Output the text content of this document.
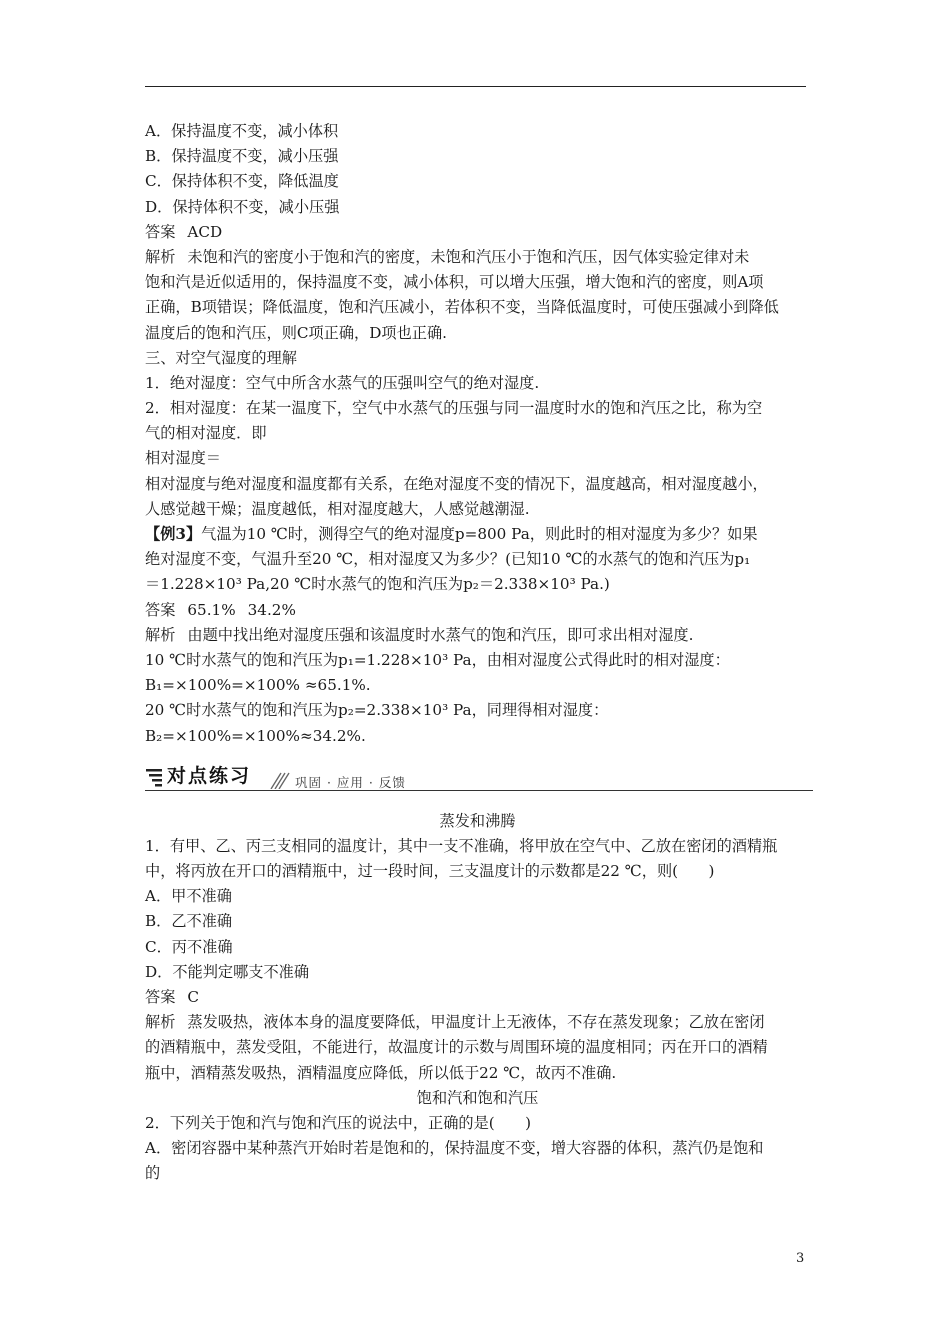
A．保持温度不变，减小体积
B．保持温度不变，减小压强
C．保持体积不变，降低温度
D．保持体积不变，减小压强
答案 ACD
解析 未饱和汽的密度小于饱和汽的密度，未饱和汽压小于饱和汽压，因气体实验定律对未
饱和汽是近似适用的，保持温度不变，减小体积，可以增大压强，增大饱和汽的密度，则A项
正确，B项错误；降低温度，饱和汽压减小，若体积不变，当降低温度时，可使压强减小到降低
温度后的饱和汽压，则C项正确，D项也正确.
三、对空气湿度的理解
1．绝对湿度：空气中所含水蒸气的压强叫空气的绝对湿度.
2．相对湿度：在某一温度下，空气中水蒸气的压强与同一温度时水的饱和汽压之比，称为空
气的相对湿度．即
相对湿度＝
相对湿度与绝对湿度和温度都有关系，在绝对湿度不变的情况下，温度越高，相对湿度越小，
人感觉越干燥；温度越低，相对湿度越大，人感觉越潮湿.
【例3】气温为10 ℃时，测得空气的绝对湿度p=800 Pa，则此时的相对湿度为多少？如果
绝对湿度不变，气温升至20 ℃，相对湿度又为多少？(已知10 ℃的水蒸气的饱和汽压为p₁
＝1.228×10³ Pa,20 ℃时水蒸气的饱和汽压为p₂＝2.338×10³ Pa.)
答案 65.1% 34.2%
解析 由题中找出绝对湿度压强和该温度时水蒸气的饱和汽压，即可求出相对湿度.
10 ℃时水蒸气的饱和汽压为p₁=1.228×10³ Pa，由相对湿度公式得此时的相对湿度：
B₁=×100%=×100% ≈65.1%.
20 ℃时水蒸气的饱和汽压为p₂=2.338×10³ Pa，同理得相对湿度：
B₂=×100%=×100%≈34.2%.
对点练习	巩固 · 应用 · 反馈
蒸发和沸腾
1．有甲、乙、丙三支相同的温度计，其中一支不准确，将甲放在空气中、乙放在密闭的酒精瓶
中，将丙放在开口的酒精瓶中，过一段时间，三支温度计的示数都是22 ℃，则(　　)
A．甲不准确
B．乙不准确
C．丙不准确
D．不能判定哪支不准确
答案 C
解析 蒸发吸热，液体本身的温度要降低，甲温度计上无液体，不存在蒸发现象；乙放在密闭
的酒精瓶中，蒸发受阻，不能进行，故温度计的示数与周围环境的温度相同；丙在开口的酒精
瓶中，酒精蒸发吸热，酒精温度应降低，所以低于22 ℃，故丙不准确.
饱和汽和饱和汽压
2．下列关于饱和汽与饱和汽压的说法中，正确的是(　　)
A．密闭容器中某种蒸汽开始时若是饱和的，保持温度不变，增大容器的体积，蒸汽仍是饱和
的
3
